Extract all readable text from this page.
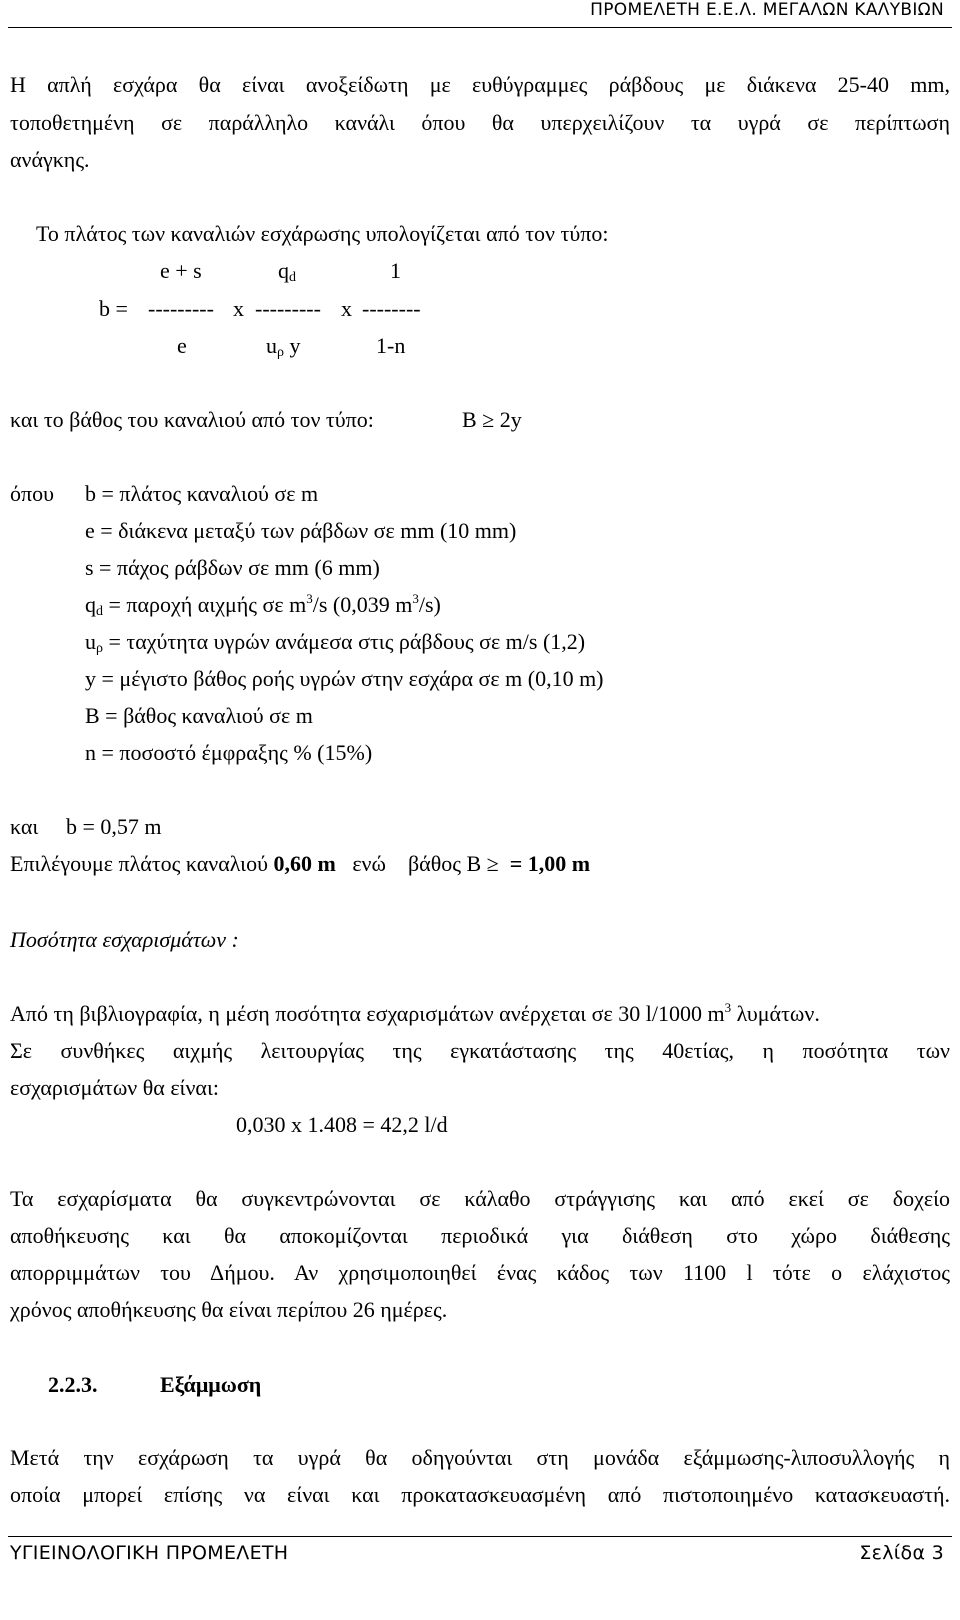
ΠΡΟΜΕΛΕΤΗ Ε.Ε.Λ. ΜΕΓΑΛΩΝ ΚΑΛΥΒΙΩΝ
Η απλή εσχάρα θα είναι ανοξείδωτη με ευθύγραμμες ράβδους με διάκενα 25-40 mm,
τοποθετημένη σε παράλληλο κανάλι όπου θα υπερχειλίζουν τα υγρά σε περίπτωση
ανάγκης.
Το πλάτος των καναλιών εσχάρωσης υπολογίζεται από τον τύπο:
e + s	qd	1
b = --------- x --------- x --------
e	uρ y	1-n
και το βάθος του καναλιού από τον τύπο:	B ≥ 2y
όπου b = πλάτος καναλιού σε m
e = διάκενα μεταξύ των ράβδων σε mm (10 mm)
s = πάχος ράβδων σε mm (6 mm)
qd = παροχή αιχμής σε $m^3/s$ (0,039 $m^3/s$)
uρ = ταχύτητα υγρών ανάμεσα στις ράβδους σε m/s (1,2)
y = μέγιστο βάθος ροής υγρών στην εσχάρα σε m (0,10 m)
B = βάθος καναλιού σε m
n = ποσοστό έμφραξης % (15%)
και b = 0,57 m
Επιλέγουμε πλάτος καναλιού 0,60 m   ενώ    βάθος B ≥  = 1,00 m
Ποσότητα εσχαρισμάτων :
Από τη βιβλιογραφία, η μέση ποσότητα εσχαρισμάτων ανέρχεται σε 30 l/1000 $m^3$ λυμάτων.
Σε συνθήκες αιχμής λειτουργίας της εγκατάστασης της 40ετίας, η ποσότητα των
εσχαρισμάτων θα είναι:
0,030 x 1.408 = 42,2 l/d
Τα εσχαρίσματα θα συγκεντρώνονται σε κάλαθο στράγγισης και από εκεί σε δοχείο
αποθήκευσης και θα αποκομίζονται περιοδικά για διάθεση στο χώρο διάθεσης
απορριμμάτων του Δήμου. Αν χρησιμοποιηθεί ένας κάδος των 1100 l τότε ο ελάχιστος
χρόνος αποθήκευσης θα είναι περίπου 26 ημέρες.
2.2.3.	Εξάμμωση
Μετά την εσχάρωση τα υγρά θα οδηγούνται στη μονάδα εξάμμωσης-λιποσυλλογής η
οποία μπορεί επίσης να είναι και προκατασκευασμένη από πιστοποιημένο κατασκευαστή.
ΥΓΙΕΙΝΟΛΟΓΙΚΗ ΠΡΟΜΕΛΕΤΗ	Σελίδα 3
